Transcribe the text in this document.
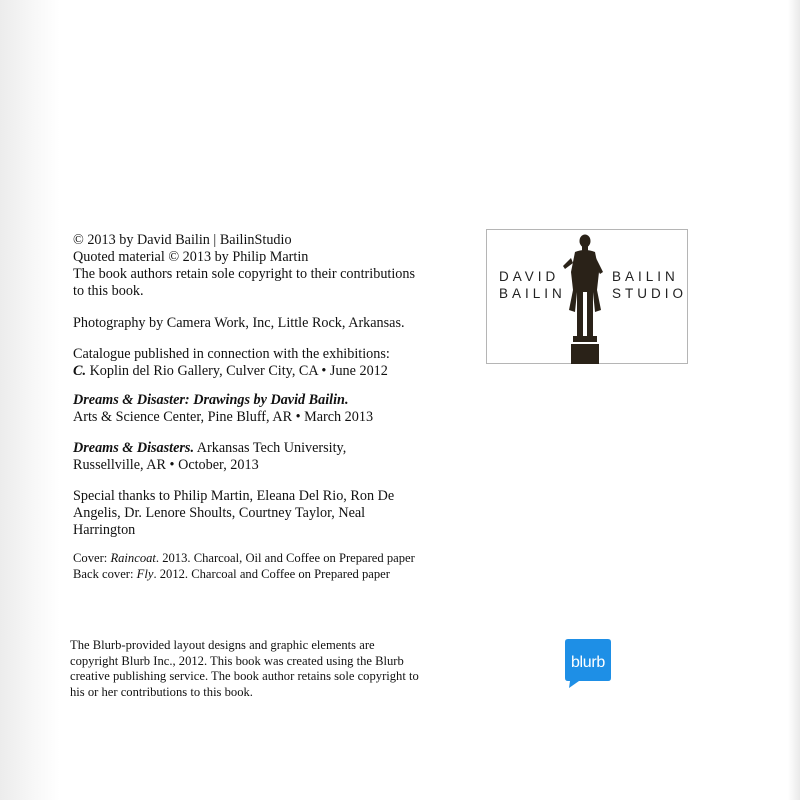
© 2013 by David Bailin | BailinStudio
Quoted material © 2013 by Philip Martin
The book authors retain sole copyright to their contributions
to this book.

Photography by Camera Work, Inc, Little Rock, Arkansas.

Catalogue published in connection with the exhibitions:
C. Koplin del Rio Gallery, Culver City, CA • June 2012

Dreams & Disaster: Drawings by David Bailin.
Arts & Science Center, Pine Bluff, AR • March 2013

Dreams & Disasters. Arkansas Tech University,
Russellville, AR • October, 2013

Special thanks to Philip Martin, Eleana Del Rio, Ron De
Angelis, Dr. Lenore Shoults, Courtney Taylor, Neal
Harrington

Cover: Raincoat. 2013. Charcoal, Oil and Coffee on Prepared paper
Back cover: Fly. 2012. Charcoal and Coffee on Prepared paper

DAVID
BAILIN
BAILIN
STUDIO
The Blurb-provided layout designs and graphic elements are
copyright Blurb Inc., 2012. This book was created using the Blurb
creative publishing service. The book author retains sole copyright to
his or her contributions to this book.
blurb
